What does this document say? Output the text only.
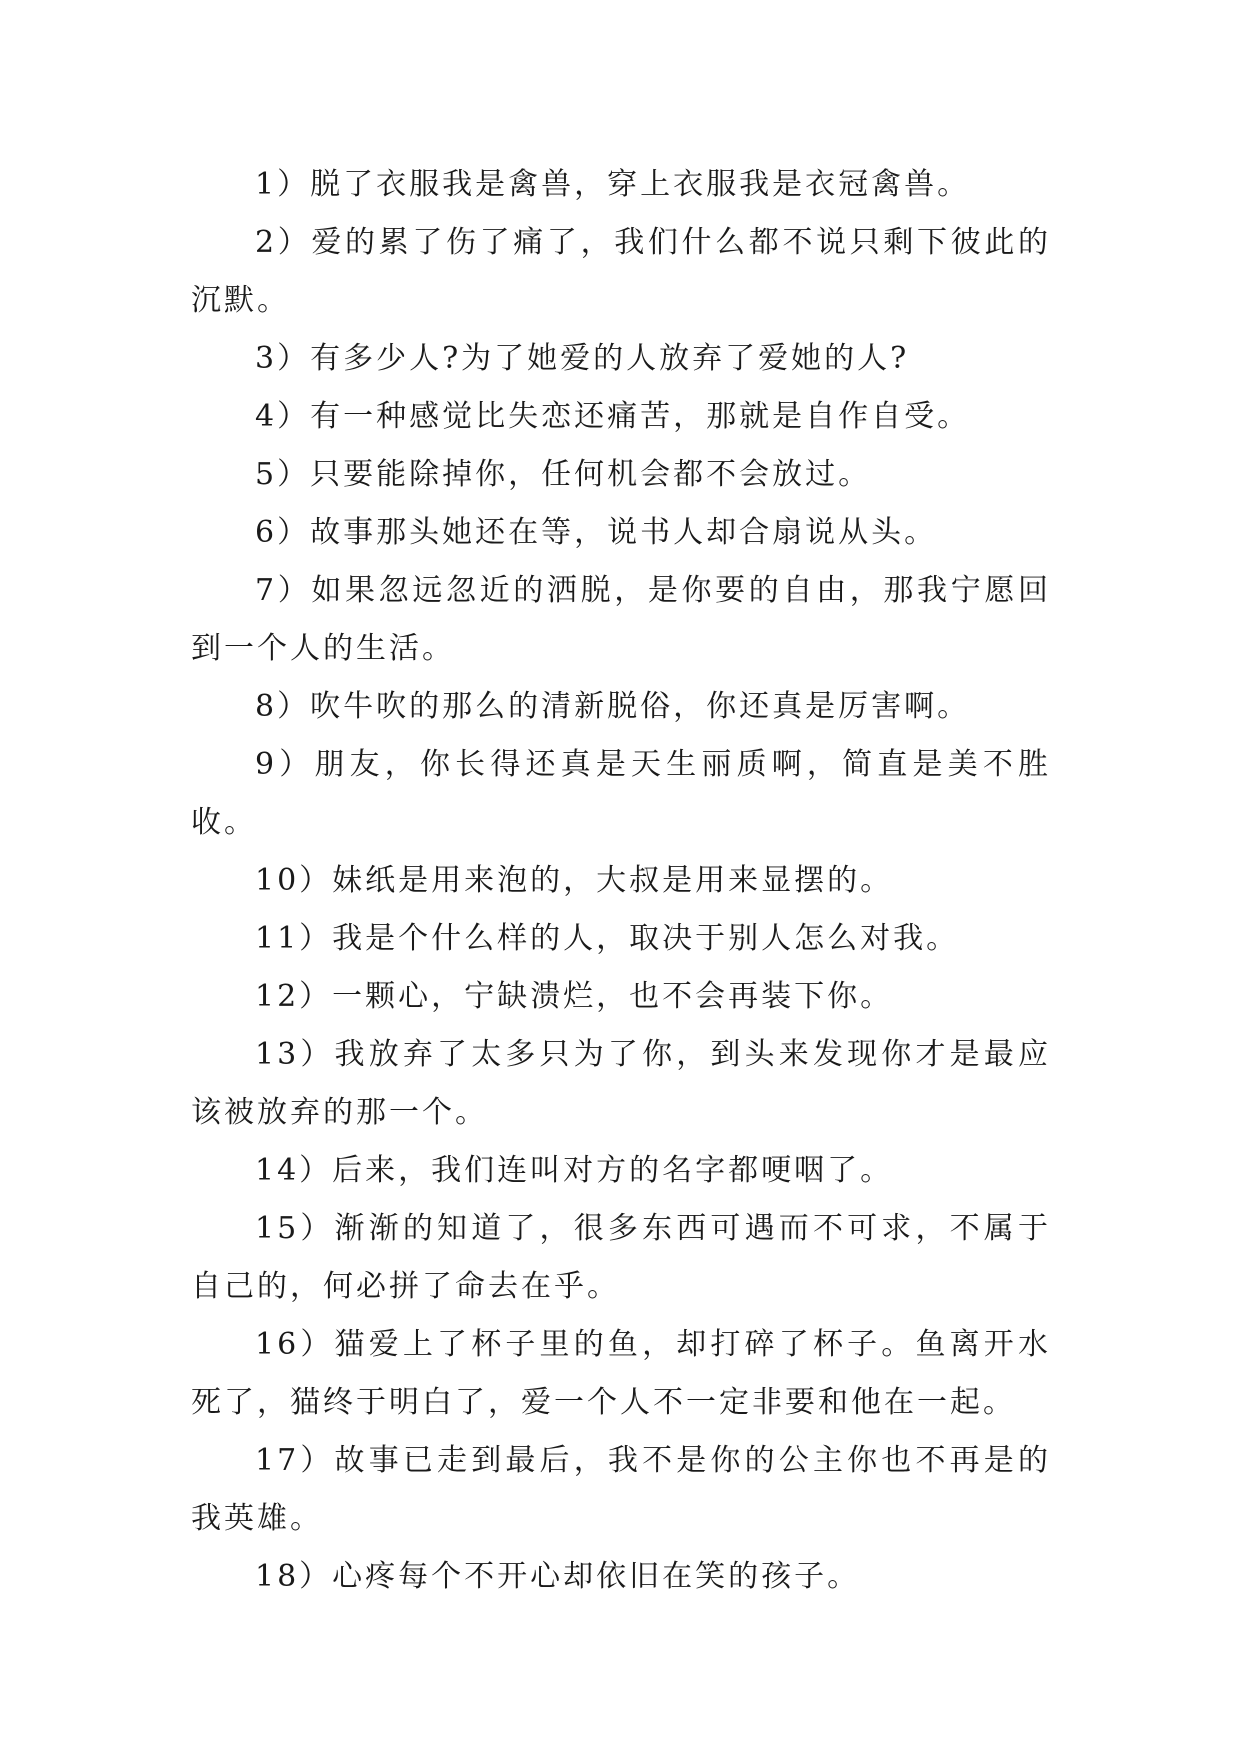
1）脱了衣服我是禽兽，穿上衣服我是衣冠禽兽。

2）爱的累了伤了痛了，我们什么都不说只剩下彼此的沉默。

3）有多少人?为了她爱的人放弃了爱她的人?

4）有一种感觉比失恋还痛苦，那就是自作自受。

5）只要能除掉你，任何机会都不会放过。

6）故事那头她还在等，说书人却合扇说从头。

7）如果忽远忽近的洒脱，是你要的自由，那我宁愿回到一个人的生活。

8）吹牛吹的那么的清新脱俗，你还真是厉害啊。

9）朋友，你长得还真是天生丽质啊，简直是美不胜收。

10）妹纸是用来泡的，大叔是用来显摆的。

11）我是个什么样的人，取决于别人怎么对我。

12）一颗心，宁缺溃烂，也不会再装下你。

13）我放弃了太多只为了你，到头来发现你才是最应该被放弃的那一个。

14）后来，我们连叫对方的名字都哽咽了。

15）渐渐的知道了，很多东西可遇而不可求，不属于自己的，何必拼了命去在乎。

16）猫爱上了杯子里的鱼，却打碎了杯子。鱼离开水死了，猫终于明白了，爱一个人不一定非要和他在一起。

17）故事已走到最后，我不是你的公主你也不再是的我英雄。

18）心疼每个不开心却依旧在笑的孩子。
